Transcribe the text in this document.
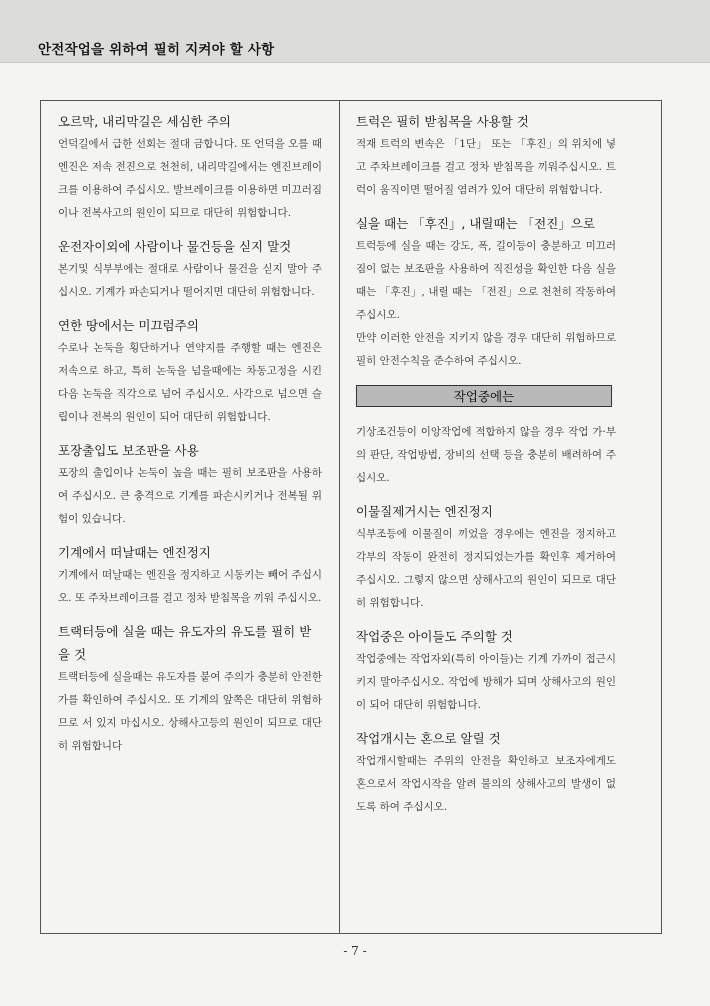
안전작업을 위하여 필히 지켜야 할 사항

오르막, 내리막길은 세심한 주의

언덕길에서 급한 선회는 절대 금합니다. 또 언덕을 오를 때 엔진은 저속 전진으로 천천히, 내리막길에서는 엔진브레이크를 이용하여 주십시오. 발브레이크를 이용하면 미끄러짐이나 전복사고의 원인이 되므로 대단히 위험합니다.

운전자이외에 사람이나 물건등을 싣지 말것

본기및 식부부에는 절대로 사람이나 물건을 싣지 말아 주십시오. 기계가 파손되거나 떨어지면 대단히 위험합니다.

연한 땅에서는 미끄럼주의

수로나 논둑을 횡단하거나 연약지를 주행할 때는 엔진은 저속으로 하고, 특히 논둑을 넘을때에는 차동고정을 시킨 다음 논둑을 직각으로 넘어 주십시오. 사각으로 넘으면 슬립이나 전복의 원인이 되어 대단히 위험합니다.

포장출입도 보조판을 사용

포장의 출입이나 논둑이 높을 때는 필히 보조판을 사용하여 주십시오. 큰 충격으로 기계를 파손시키거나 전복될 위험이 있습니다.

기계에서 떠날때는 엔진정지

기계에서 떠날때는 엔진을 정지하고 시동키는 빼어 주십시오. 또 주차브레이크를 걸고 정차 받침목을 끼워 주십시오.

트랙터등에 실을 때는 유도자의 유도를 필히 받을 것

트랙터등에 실을때는 유도자를 붙여 주의가 충분히 안전한가를 확인하여 주십시오. 또 기계의 앞쪽은 대단히 위험하므로 서 있지 마십시오. 상해사고등의 원인이 되므로 대단히 위험합니다

트럭은 필히 받침목을 사용할 것

적재 트럭의 변속은 「1단」 또는 「후진」의 위치에 넣고 주차브레이크를 걸고 정차 받침목을 끼워주십시오. 트럭이 움직이면 떨어질 염려가 있어 대단히 위험합니다.

실을 때는 「후진」, 내릴때는 「전진」으로

트럭등에 실을 때는 강도, 폭, 길이등이 충분하고 미끄러짐이 없는 보조판을 사용하여 직진성을 확인한 다음 실을 때는 「후진」, 내릴 때는 「전진」으로 천천히 작동하여 주십시오.

만약 이러한 안전을 지키지 않을 경우 대단히 위험하므로 필히 안전수칙을 준수하여 주십시오.

작업중에는

기상조건등이 이앙작업에 적합하지 않을 경우 작업 가·부의 판단, 작업방법, 장비의 선택 등을 충분히 배려하여 주십시오.

이물질제거시는 엔진정지

식부조등에 이물질이 끼었을 경우에는 엔진을 정지하고 각부의 작동이 완전히 정지되었는가를 확인후 제거하여 주십시오. 그렇지 않으면 상해사고의 원인이 되므로 대단히 위험합니다.

작업중은 아이들도 주의할 것

작업중에는 작업자외(특히 아이들)는 기계 가까이 접근시키지 말아주십시오. 작업에 방해가 되며 상해사고의 원인이 되어 대단히 위험합니다.

작업개시는 혼으로 알릴 것

작업개시할때는 주위의 안전을 확인하고 보조자에게도 혼으로서 작업시작을 알려 불의의 상해사고의 발생이 없도록 하여 주십시오.

- 7 -
